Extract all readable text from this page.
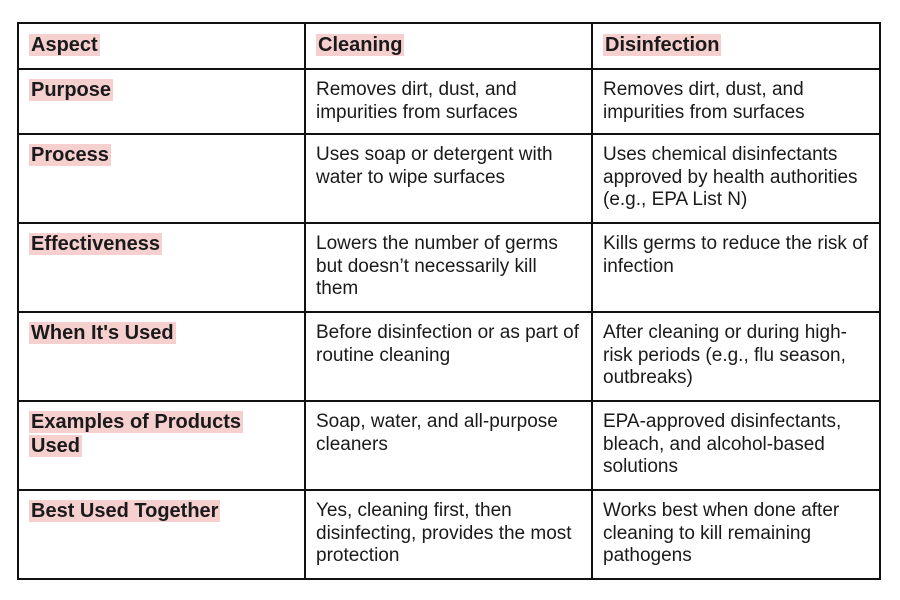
Aspect	Cleaning	Disinfection
Purpose	Removes dirt, dust, and impurities from surfaces	Removes dirt, dust, and impurities from surfaces
Process	Uses soap or detergent with water to wipe surfaces	Uses chemical disinfectants approved by health authorities (e.g., EPA List N)
Effectiveness	Lowers the number of germs but doesn’t necessarily kill them	Kills germs to reduce the risk of infection
When It's Used	Before disinfection or as part of routine cleaning	After cleaning or during high-risk periods (e.g., flu season, outbreaks)
Examples of Products Used	Soap, water, and all-purpose cleaners	EPA-approved disinfectants, bleach, and alcohol-based solutions
Best Used Together	Yes, cleaning first, then disinfecting, provides the most protection	Works best when done after cleaning to kill remaining pathogens
